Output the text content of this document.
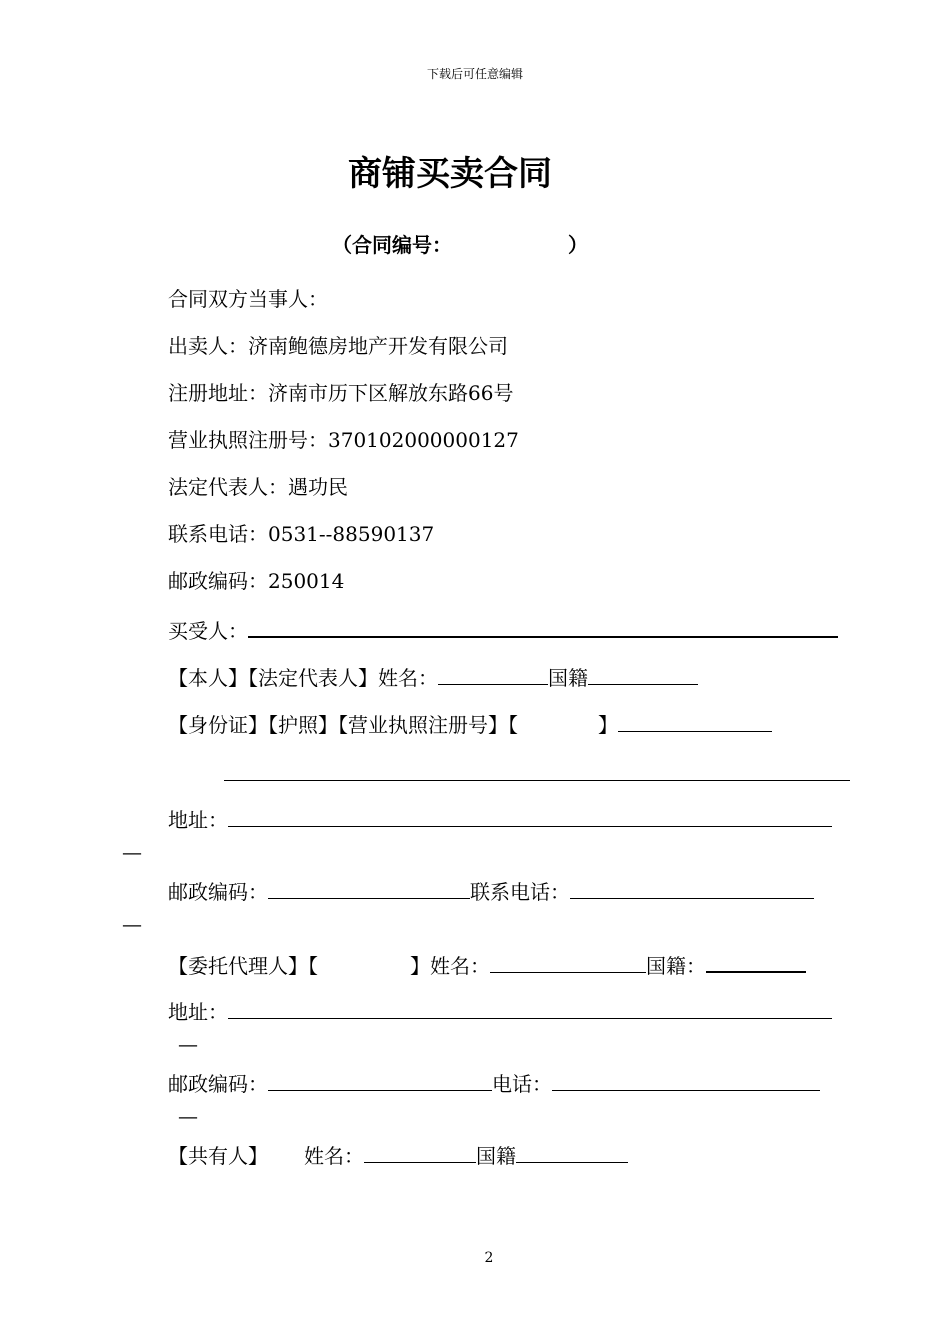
下载后可任意编辑
商铺买卖合同
（合同编号：	）
合同双方当事人：
出卖人：济南鲍德房地产开发有限公司
注册地址：济南市历下区解放东路66号
营业执照注册号：370102000000127
法定代表人：遇功民
联系电话：0531--88590137
邮政编码：250014
买受人：
【本人】【法定代表人】姓名：	国籍
【身份证】【护照】【营业执照注册号】【	】
地址：
—
邮政编码：	联系电话：
—
【委托代理人】【	】姓名：	国籍：
地址：
—
邮政编码：	电话：
—
【共有人】 姓名：	国籍
2
